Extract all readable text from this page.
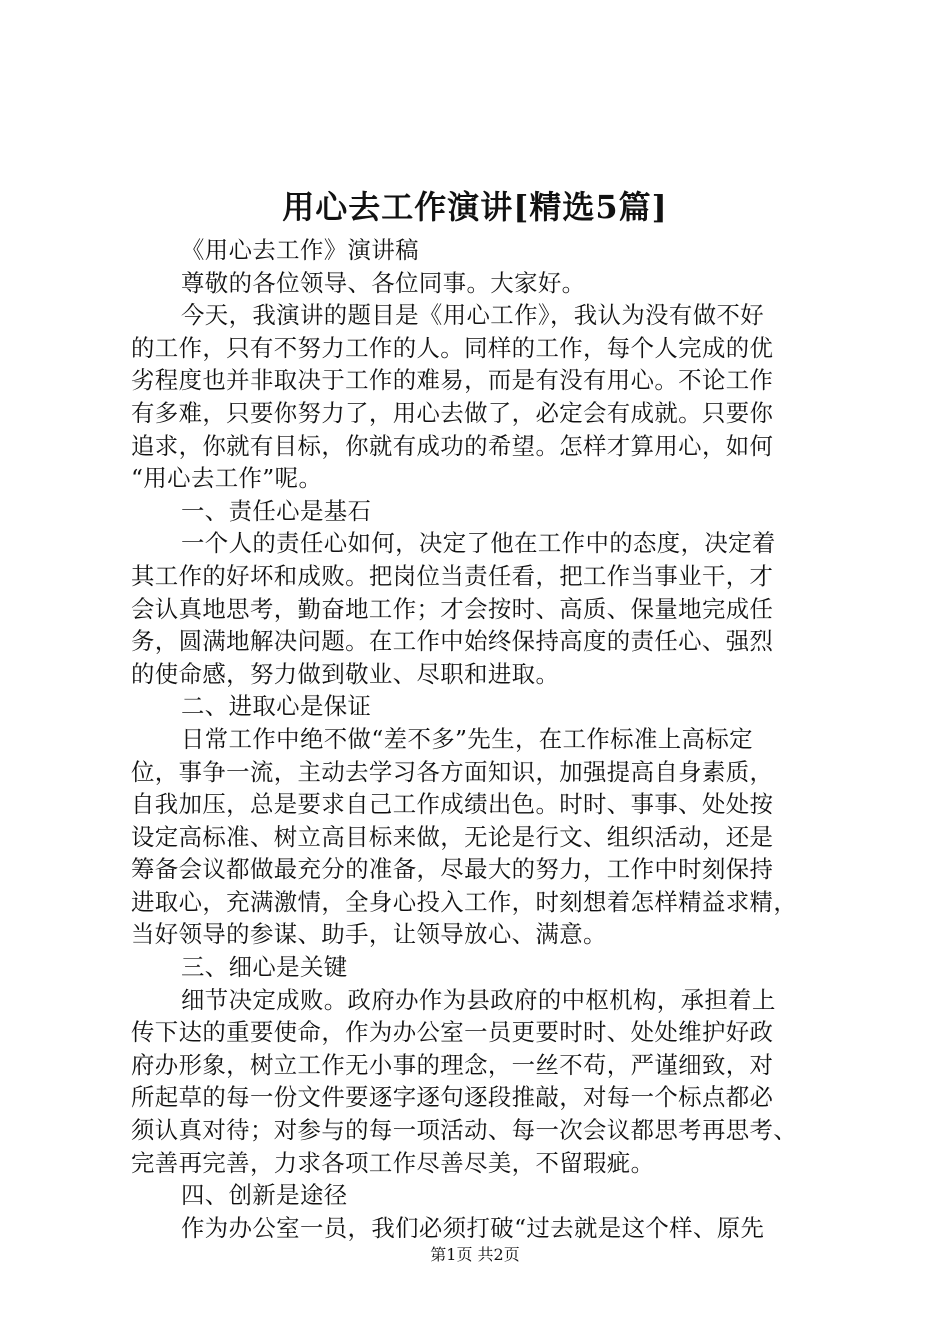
用心去工作演讲[精选5篇]
《用心去工作》演讲稿
尊敬的各位领导、各位同事。大家好。
今天，我演讲的题目是《用心工作》，我认为没有做不好
的工作，只有不努力工作的人。同样的工作，每个人完成的优
劣程度也并非取决于工作的难易，而是有没有用心。不论工作
有多难，只要你努力了，用心去做了，必定会有成就。只要你
追求，你就有目标，你就有成功的希望。怎样才算用心，如何
“用心去工作”呢。
一、责任心是基石
一个人的责任心如何，决定了他在工作中的态度，决定着
其工作的好坏和成败。把岗位当责任看，把工作当事业干，才
会认真地思考，勤奋地工作；才会按时、高质、保量地完成任
务，圆满地解决问题。在工作中始终保持高度的责任心、强烈
的使命感，努力做到敬业、尽职和进取。
二、进取心是保证
日常工作中绝不做“差不多”先生，在工作标准上高标定
位，事争一流，主动去学习各方面知识，加强提高自身素质，
自我加压，总是要求自己工作成绩出色。时时、事事、处处按
设定高标准、树立高目标来做，无论是行文、组织活动，还是
筹备会议都做最充分的准备，尽最大的努力，工作中时刻保持
进取心，充满激情，全身心投入工作，时刻想着怎样精益求精，
当好领导的参谋、助手，让领导放心、满意。
三、细心是关键
细节决定成败。政府办作为县政府的中枢机构，承担着上
传下达的重要使命，作为办公室一员更要时时、处处维护好政
府办形象，树立工作无小事的理念，一丝不苟，严谨细致，对
所起草的每一份文件要逐字逐句逐段推敲，对每一个标点都必
须认真对待；对参与的每一项活动、每一次会议都思考再思考、
完善再完善，力求各项工作尽善尽美，不留瑕疵。
四、创新是途径
作为办公室一员，我们必须打破“过去就是这个样、原先
第1页 共2页
